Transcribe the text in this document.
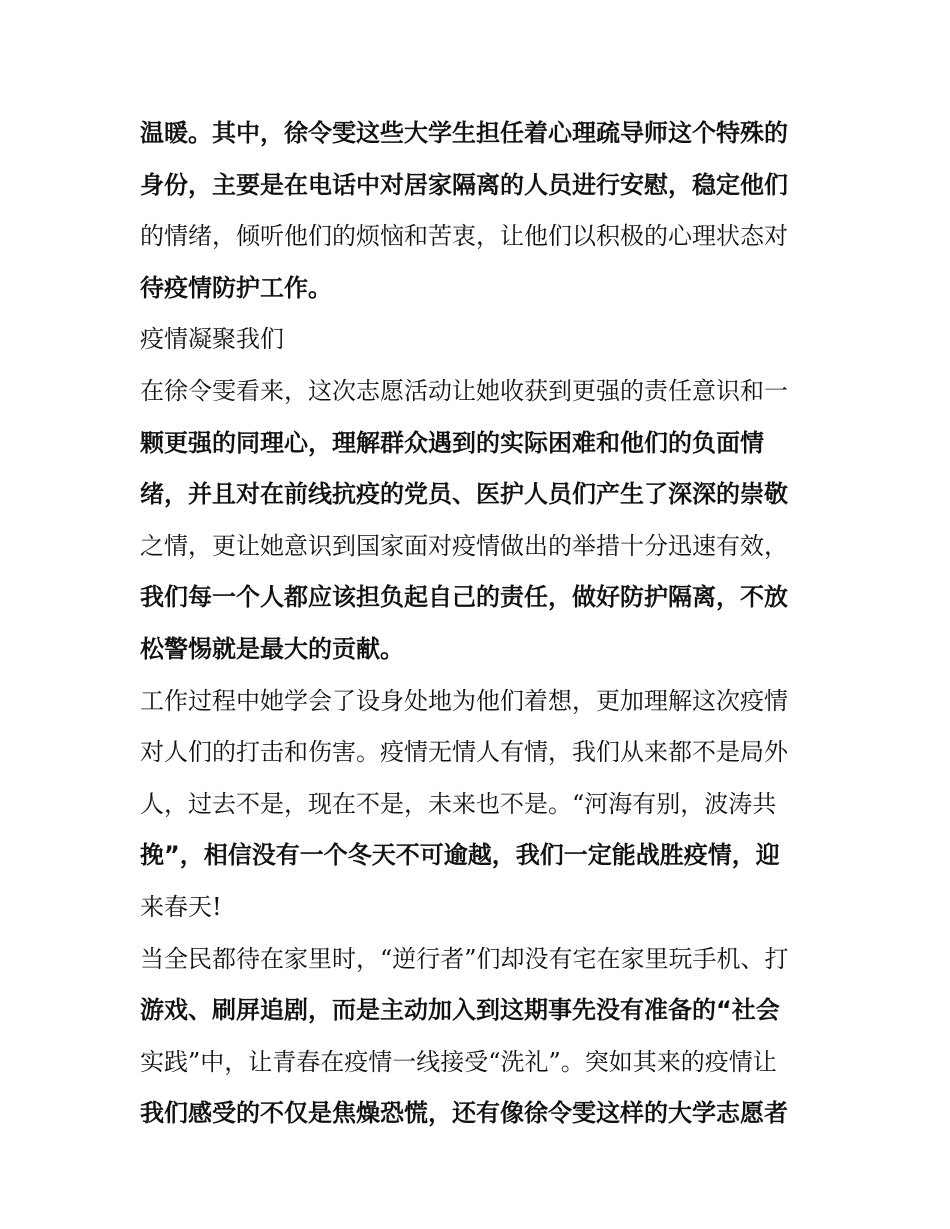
温暖。其中，徐令雯这些大学生担任着心理疏导师这个特殊的
身份，主要是在电话中对居家隔离的人员进行安慰，稳定他们
的情绪，倾听他们的烦恼和苦衷，让他们以积极的心理状态对
待疫情防护工作。
疫情凝聚我们
在徐令雯看来，这次志愿活动让她收获到更强的责任意识和一
颗更强的同理心，理解群众遇到的实际困难和他们的负面情
绪，并且对在前线抗疫的党员、医护人员们产生了深深的崇敬
之情，更让她意识到国家面对疫情做出的举措十分迅速有效，
我们每一个人都应该担负起自己的责任，做好防护隔离，不放
松警惕就是最大的贡献。
工作过程中她学会了设身处地为他们着想，更加理解这次疫情
对人们的打击和伤害。疫情无情人有情，我们从来都不是局外
人，过去不是，现在不是，未来也不是。“河海有别，波涛共
挽”，相信没有一个冬天不可逾越，我们一定能战胜疫情，迎
来春天!
当全民都待在家里时，“逆行者”们却没有宅在家里玩手机、打
游戏、刷屏追剧，而是主动加入到这期事先没有准备的“社会
实践”中，让青春在疫情一线接受“洗礼”。突如其来的疫情让
我们感受的不仅是焦燥恐慌，还有像徐令雯这样的大学志愿者
